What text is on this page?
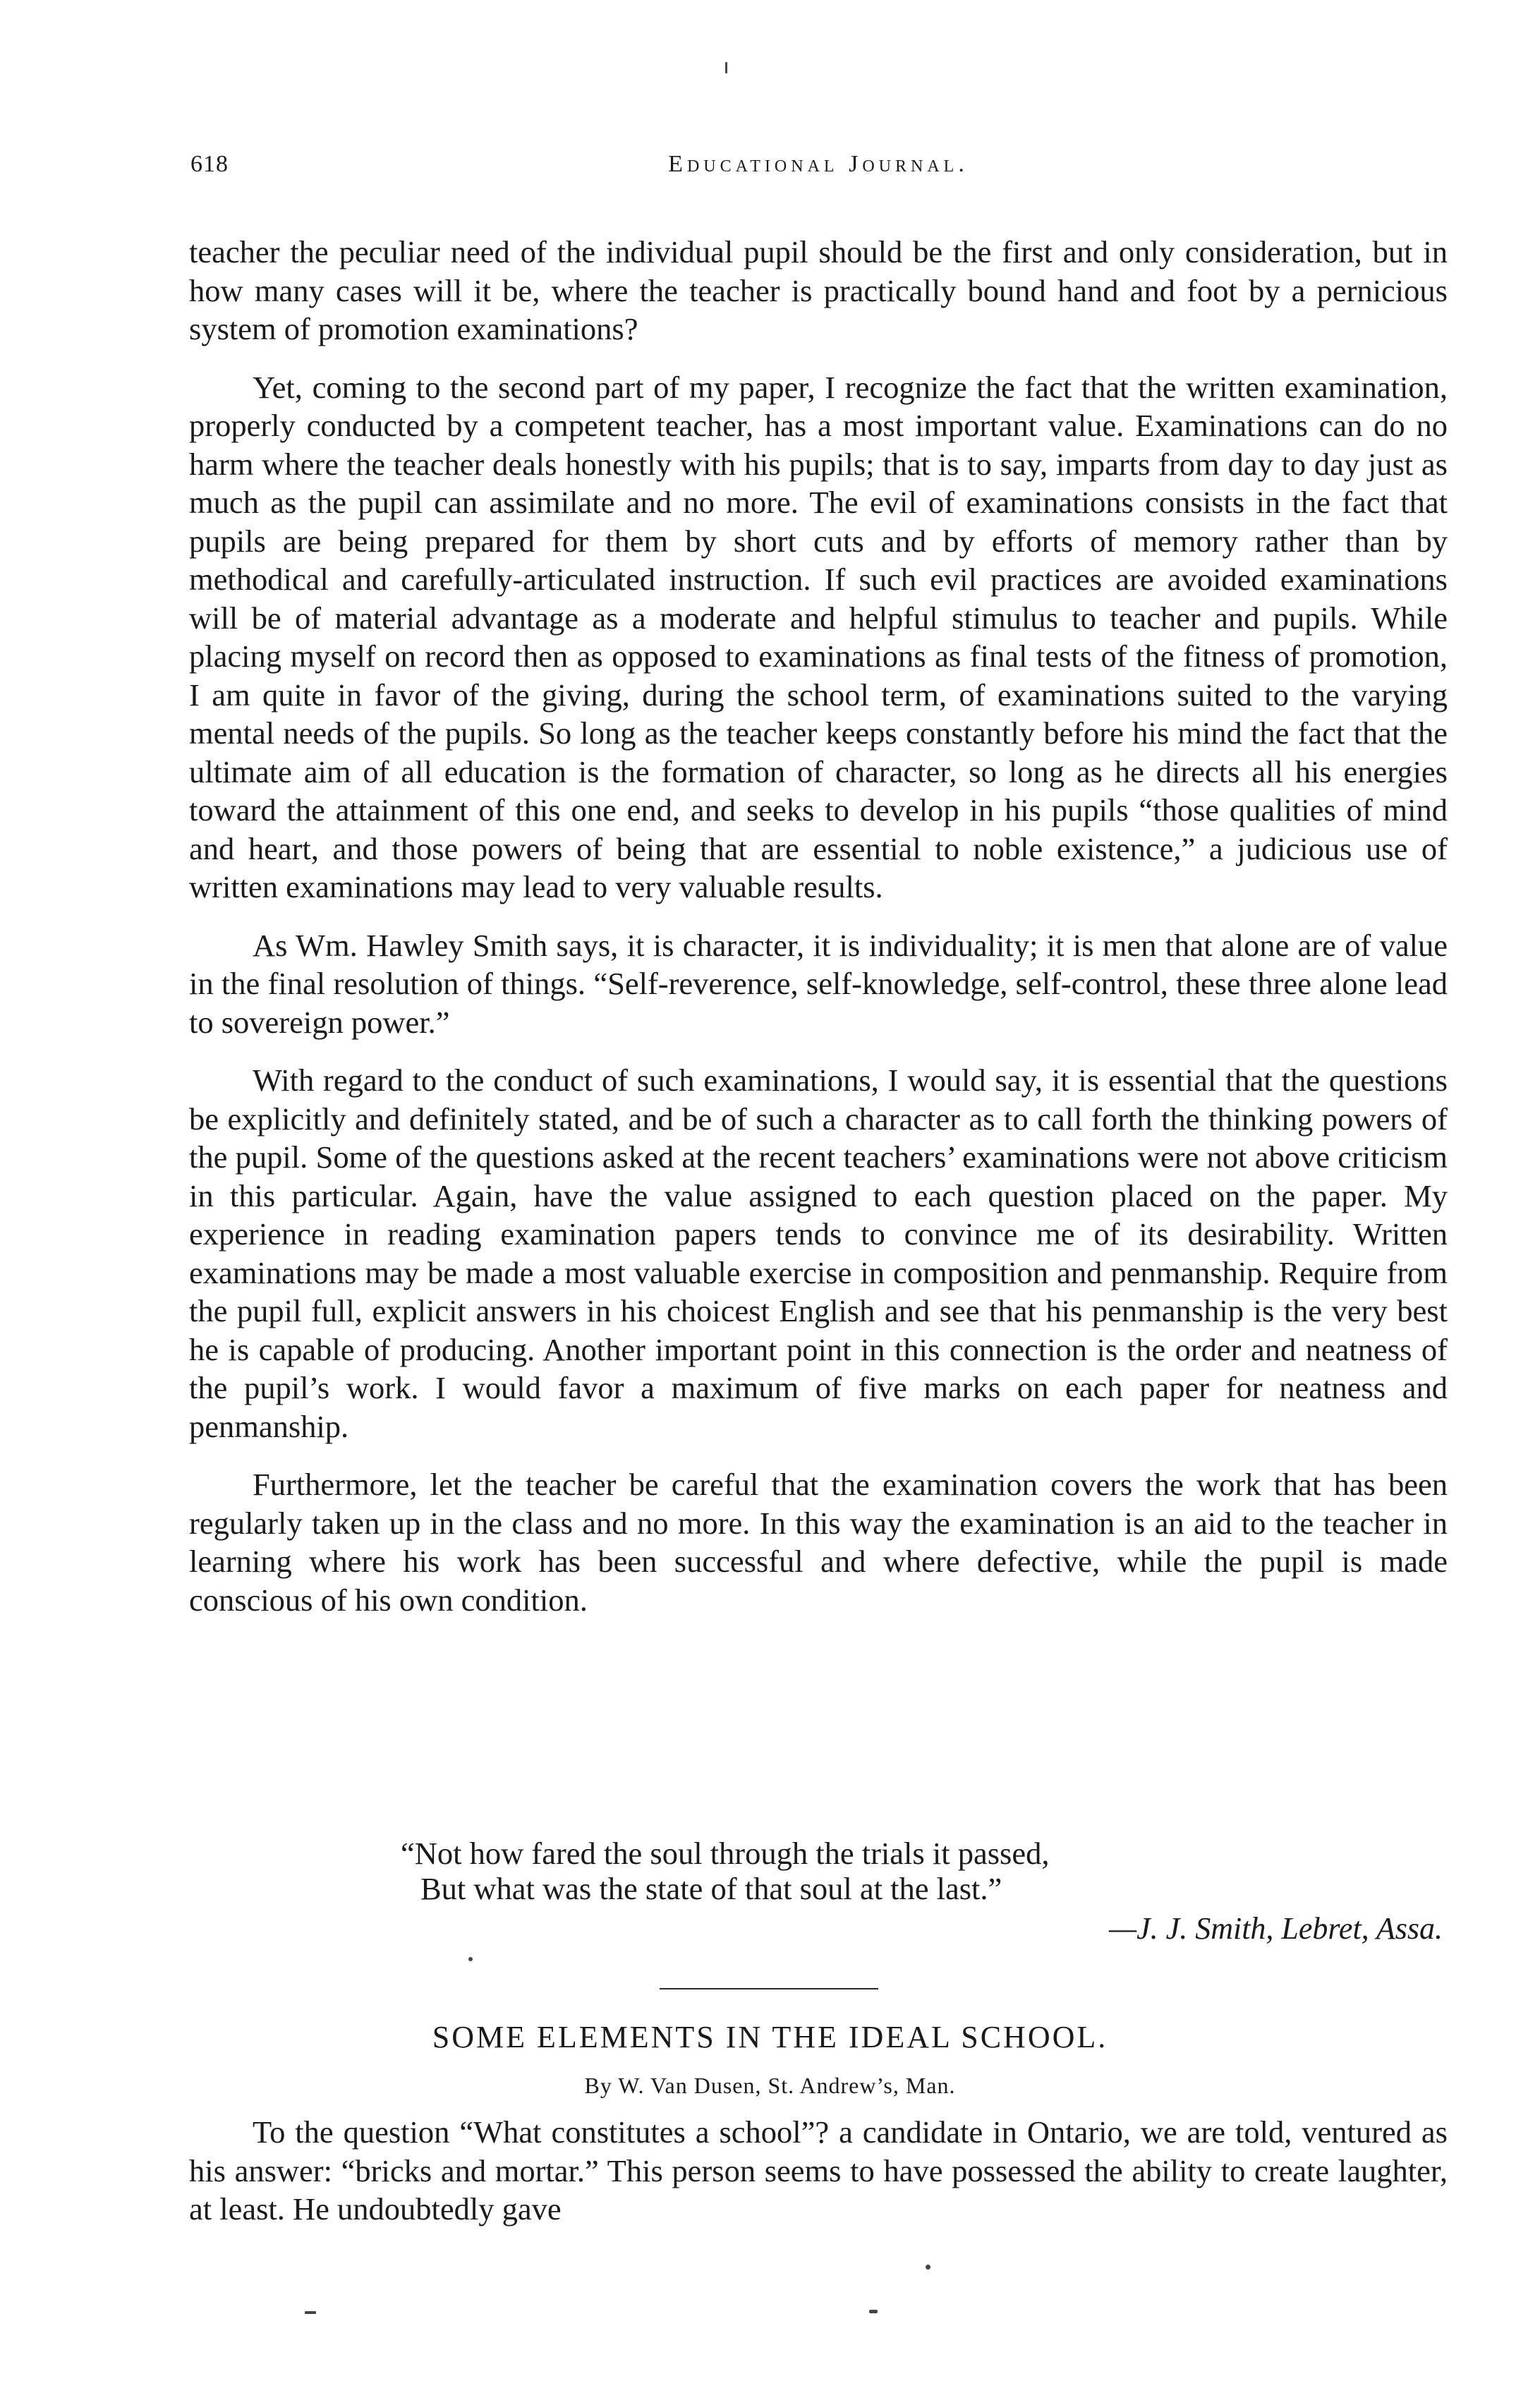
618	Educational Journal.

teacher the peculiar need of the individual pupil should be the first and only consideration, but in how many cases will it be, where the teacher is practically bound hand and foot by a pernicious system of promotion examinations?

Yet, coming to the second part of my paper, I recognize the fact that the written examination, properly conducted by a competent teacher, has a most important value. Examinations can do no harm where the teacher deals honestly with his pupils; that is to say, imparts from day to day just as much as the pupil can assimilate and no more. The evil of examinations consists in the fact that pupils are being prepared for them by short cuts and by efforts of memory rather than by methodical and carefully-articulated instruction. If such evil practices are avoided examinations will be of material advantage as a moderate and helpful stimulus to teacher and pupils. While placing myself on record then as opposed to examinations as final tests of the fitness of promotion, I am quite in favor of the giving, during the school term, of examinations suited to the varying mental needs of the pupils. So long as the teacher keeps constantly before his mind the fact that the ultimate aim of all education is the formation of character, so long as he directs all his energies toward the attainment of this one end, and seeks to develop in his pupils “those qualities of mind and heart, and those powers of being that are essential to noble existence,” a judicious use of written examinations may lead to very valuable results.

As Wm. Hawley Smith says, it is character, it is individuality; it is men that alone are of value in the final resolution of things. “Self-reverence, self-knowledge, self-control, these three alone lead to sovereign power.”

With regard to the conduct of such examinations, I would say, it is essential that the questions be explicitly and definitely stated, and be of such a character as to call forth the thinking powers of the pupil. Some of the questions asked at the recent teachers’ examinations were not above criticism in this particular. Again, have the value assigned to each question placed on the paper. My experience in reading examination papers tends to convince me of its desirability. Written examinations may be made a most valuable exercise in composition and penmanship. Require from the pupil full, explicit answers in his choicest English and see that his penmanship is the very best he is capable of producing. Another important point in this connection is the order and neatness of the pupil’s work. I would favor a maximum of five marks on each paper for neatness and penmanship.

Furthermore, let the teacher be careful that the examination covers the work that has been regularly taken up in the class and no more. In this way the examination is an aid to the teacher in learning where his work has been successful and where defective, while the pupil is made conscious of his own condition.

“Not how fared the soul through the trials it passed,
But what was the state of that soul at the last.”
—J. J. Smith, Lebret, Assa.
SOME ELEMENTS IN THE IDEAL SCHOOL.
By W. Van Dusen, St. Andrew’s, Man.

To the question “What constitutes a school”? a candidate in Ontario, we are told, ventured as his answer: “bricks and mortar.” This person seems to have possessed the ability to create laughter, at least. He undoubtedly gave
